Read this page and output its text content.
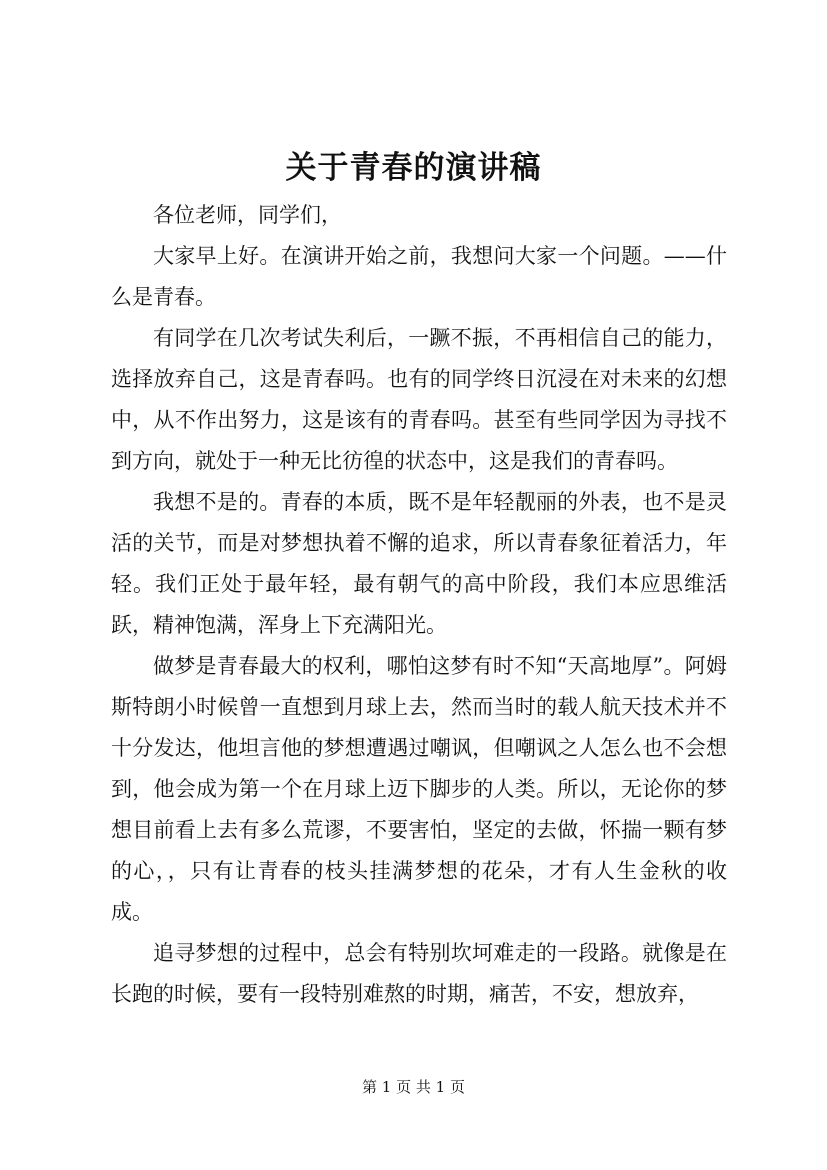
关于青春的演讲稿

各位老师，同学们，

大家早上好。在演讲开始之前，我想问大家一个问题。——什么是青春。

有同学在几次考试失利后，一蹶不振，不再相信自己的能力，选择放弃自己，这是青春吗。也有的同学终日沉浸在对未来的幻想中，从不作出努力，这是该有的青春吗。甚至有些同学因为寻找不到方向，就处于一种无比彷徨的状态中，这是我们的青春吗。

我想不是的。青春的本质，既不是年轻靓丽的外表，也不是灵活的关节，而是对梦想执着不懈的追求，所以青春象征着活力，年轻。我们正处于最年轻，最有朝气的高中阶段，我们本应思维活跃，精神饱满，浑身上下充满阳光。

做梦是青春最大的权利，哪怕这梦有时不知“天高地厚”。阿姆斯特朗小时候曾一直想到月球上去，然而当时的载人航天技术并不十分发达，他坦言他的梦想遭遇过嘲讽，但嘲讽之人怎么也不会想到，他会成为第一个在月球上迈下脚步的人类。所以，无论你的梦想目前看上去有多么荒谬，不要害怕，坚定的去做，怀揣一颗有梦的心，，只有让青春的枝头挂满梦想的花朵，才有人生金秋的收成。

追寻梦想的过程中，总会有特别坎坷难走的一段路。就像是在长跑的时候，要有一段特别难熬的时期，痛苦，不安，想放弃，

第 1 页 共 1 页
